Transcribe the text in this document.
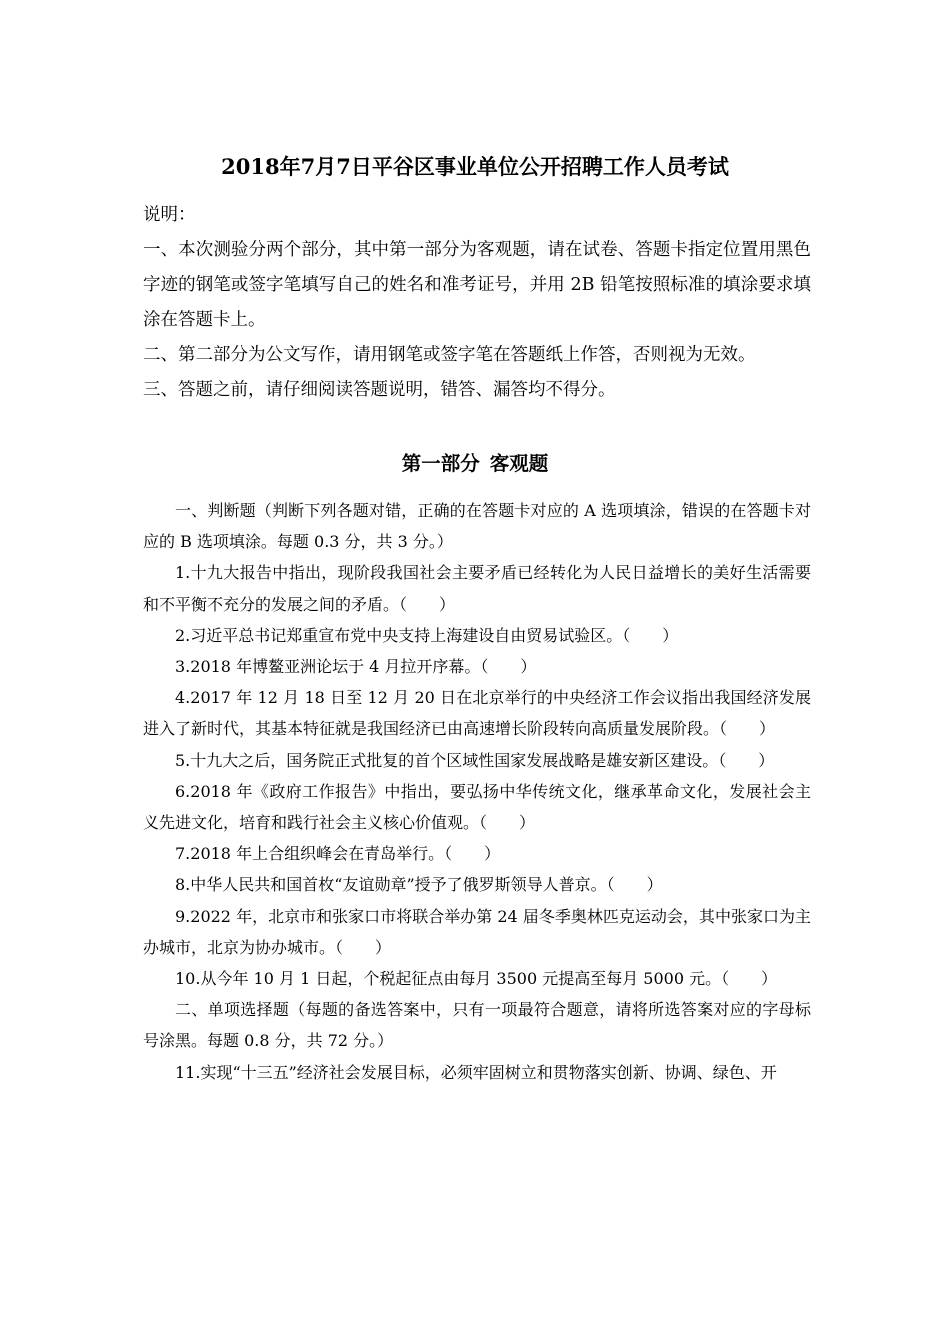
2018年7月7日平谷区事业单位公开招聘工作人员考试

说明：

一、本次测验分两个部分，其中第一部分为客观题，请在试卷、答题卡指定位置用黑色字迹的钢笔或签字笔填写自己的姓名和准考证号，并用 2B 铅笔按照标准的填涂要求填涂在答题卡上。

二、第二部分为公文写作，请用钢笔或签字笔在答题纸上作答，否则视为无效。

三、答题之前，请仔细阅读答题说明，错答、漏答均不得分。

第一部分 客观题

一、判断题（判断下列各题对错，正确的在答题卡对应的 A 选项填涂，错误的在答题卡对应的 B 选项填涂。每题 0.3 分，共 3 分。）

1.十九大报告中指出，现阶段我国社会主要矛盾已经转化为人民日益增长的美好生活需要和不平衡不充分的发展之间的矛盾。（　　）

2.习近平总书记郑重宣布党中央支持上海建设自由贸易试验区。（　　）

3.2018 年博鳌亚洲论坛于 4 月拉开序幕。（　　）

4.2017 年 12 月 18 日至 12 月 20 日在北京举行的中央经济工作会议指出我国经济发展进入了新时代，其基本特征就是我国经济已由高速增长阶段转向高质量发展阶段。（　　）

5.十九大之后，国务院正式批复的首个区域性国家发展战略是雄安新区建设。（　　）

6.2018 年《政府工作报告》中指出，要弘扬中华传统文化，继承革命文化，发展社会主义先进文化，培育和践行社会主义核心价值观。（　　）

7.2018 年上合组织峰会在青岛举行。（　　）

8.中华人民共和国首枚“友谊勋章”授予了俄罗斯领导人普京。（　　）

9.2022 年，北京市和张家口市将联合举办第 24 届冬季奥林匹克运动会，其中张家口为主办城市，北京为协办城市。（　　）

10.从今年 10 月 1 日起，个税起征点由每月 3500 元提高至每月 5000 元。（　　）

二、单项选择题（每题的备选答案中，只有一项最符合题意，请将所选答案对应的字母标号涂黑。每题 0.8 分，共 72 分。）

11.实现“十三五”经济社会发展目标，必须牢固树立和贯物落实创新、协调、绿色、开
